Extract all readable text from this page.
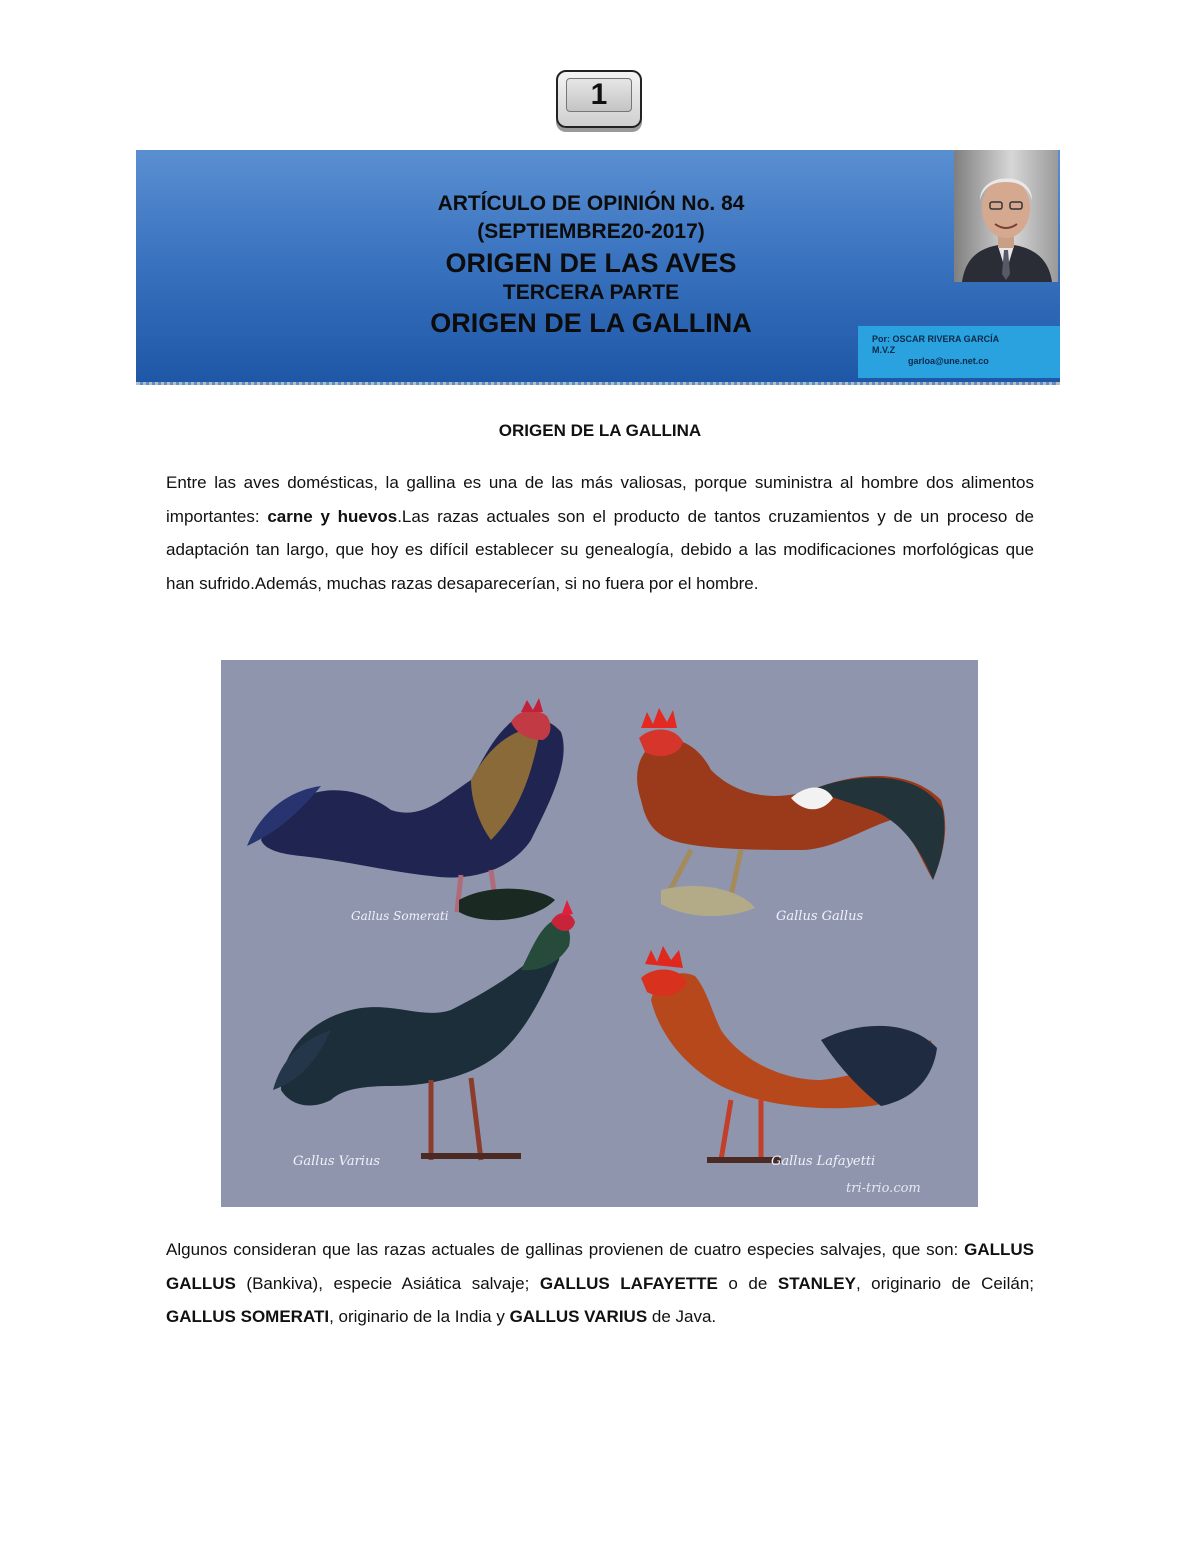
1
ARTÍCULO DE OPINIÓN No. 84
(SEPTIEMBRE20-2017)
ORIGEN DE LAS AVES
TERCERA PARTE
ORIGEN DE LA GALLINA
Por: OSCAR RIVERA GARCÍA
M.V.Z

garloa@une.net.co
ORIGEN DE LA GALLINA

Entre las aves domésticas, la gallina es una de las más valiosas, porque suministra al hombre dos alimentos importantes: carne y huevos.Las razas actuales son el producto de tantos cruzamientos y de un proceso de adaptación tan largo, que hoy es difícil establecer su genealogía, debido a las modificaciones morfológicas que han sufrido.Además, muchas razas desaparecerían, si no fuera por el hombre.

Gallus Somerati	Gallus Gallus
Gallus Varius	Gallus Lafayetti
tri-trio.com

Algunos consideran que las razas actuales de gallinas provienen de cuatro especies salvajes, que son: GALLUS GALLUS (Bankiva), especie Asiática salvaje; GALLUS LAFAYETTE o de STANLEY, originario de Ceilán; GALLUS SOMERATI, originario de la India y GALLUS VARIUS de Java.
